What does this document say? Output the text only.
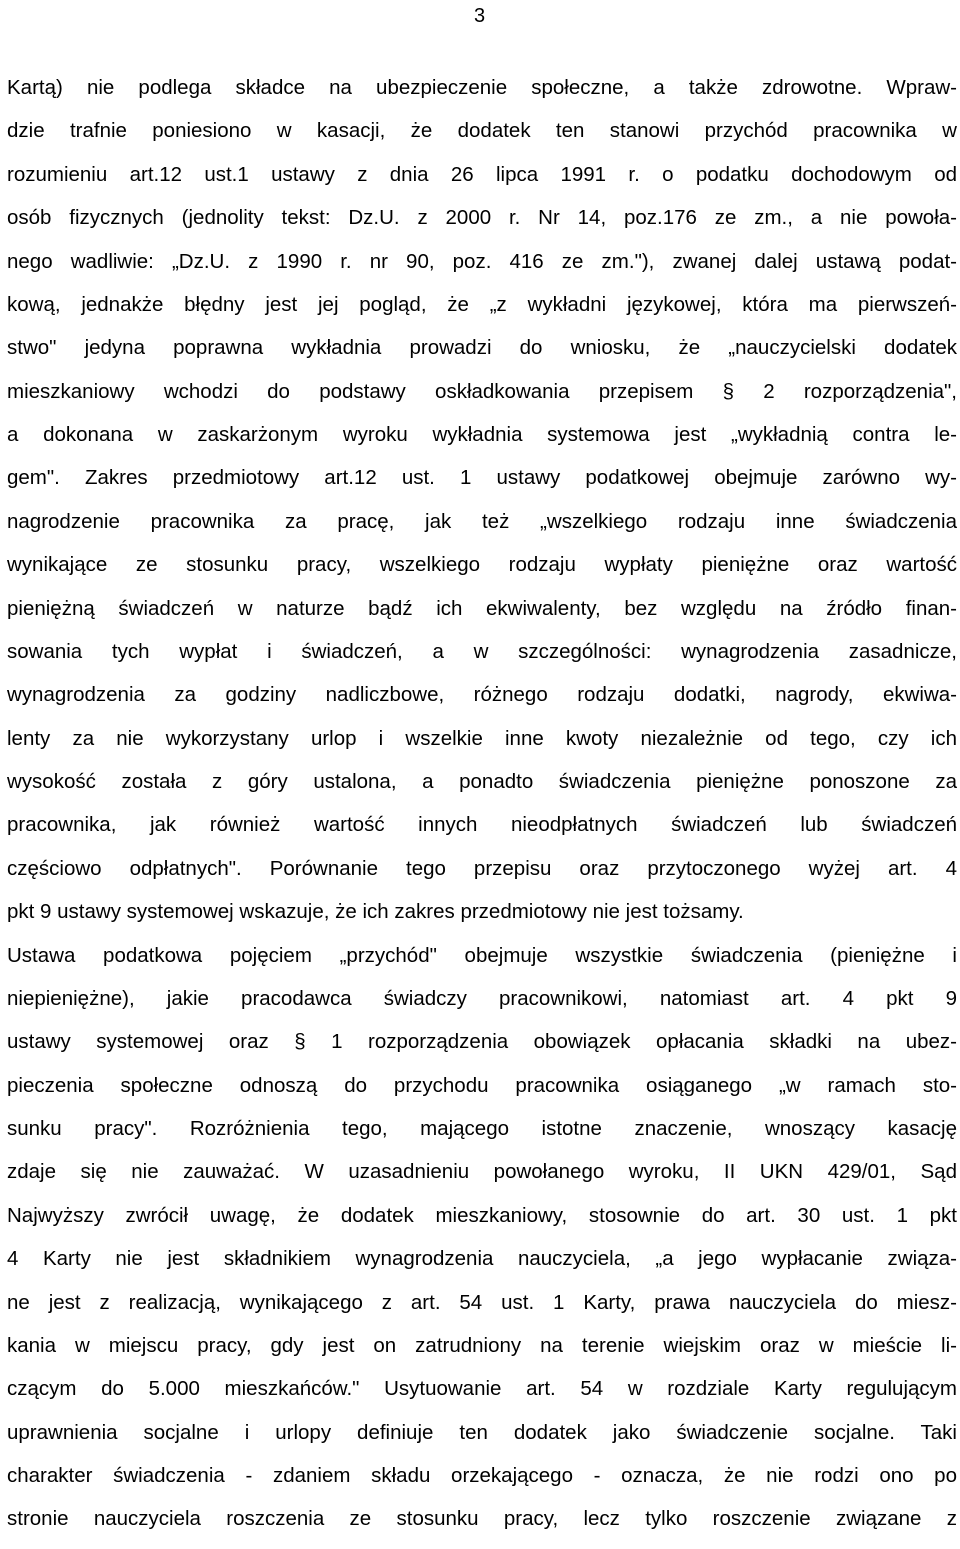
3
Kartą) nie podlega składce na ubezpieczenie społeczne, a także zdrowotne. Wpraw-
dzie trafnie poniesiono w kasacji, że dodatek ten stanowi przychód pracownika w
rozumieniu art.12 ust.1 ustawy z dnia 26 lipca 1991 r. o podatku dochodowym od
osób fizycznych (jednolity tekst: Dz.U. z 2000 r. Nr 14, poz.176 ze zm., a nie powoła-
nego wadliwie: „Dz.U. z 1990 r. nr 90, poz. 416 ze zm."), zwanej dalej ustawą podat-
kową, jednakże błędny jest jej pogląd, że „z wykładni językowej, która ma pierwszeń-
stwo" jedyna poprawna wykładnia prowadzi do wniosku, że „nauczycielski dodatek
mieszkaniowy wchodzi do podstawy oskładkowania przepisem § 2 rozporządzenia",
a dokonana w zaskarżonym wyroku wykładnia systemowa jest „wykładnią contra le-
gem". Zakres przedmiotowy art.12 ust. 1 ustawy podatkowej obejmuje zarówno wy-
nagrodzenie pracownika za pracę, jak też „wszelkiego rodzaju inne świadczenia
wynikające ze stosunku pracy, wszelkiego rodzaju wypłaty pieniężne oraz wartość
pieniężną świadczeń w naturze bądź ich ekwiwalenty, bez względu na źródło finan-
sowania tych wypłat i świadczeń, a w szczególności: wynagrodzenia zasadnicze,
wynagrodzenia za godziny nadliczbowe, różnego rodzaju dodatki, nagrody, ekwiwa-
lenty za nie wykorzystany urlop i wszelkie inne kwoty niezależnie od tego, czy ich
wysokość została z góry ustalona, a ponadto świadczenia pieniężne ponoszone za
pracownika, jak również wartość innych nieodpłatnych świadczeń lub świadczeń
częściowo odpłatnych". Porównanie tego przepisu oraz przytoczonego wyżej art. 4
pkt 9 ustawy systemowej wskazuje, że ich zakres przedmiotowy nie jest tożsamy.
Ustawa podatkowa pojęciem „przychód" obejmuje wszystkie świadczenia (pieniężne i
niepieniężne), jakie pracodawca świadczy pracownikowi, natomiast art. 4 pkt 9
ustawy systemowej oraz § 1 rozporządzenia obowiązek opłacania składki na ubez-
pieczenia społeczne odnoszą do przychodu pracownika osiąganego „w ramach sto-
sunku pracy". Rozróżnienia tego, mającego istotne znaczenie, wnoszący kasację
zdaje się nie zauważać. W uzasadnieniu powołanego wyroku, II UKN 429/01, Sąd
Najwyższy zwrócił uwagę, że dodatek mieszkaniowy, stosownie do art. 30 ust. 1 pkt
4 Karty nie jest składnikiem wynagrodzenia nauczyciela, „a jego wypłacanie związa-
ne jest z realizacją, wynikającego z art. 54 ust. 1 Karty, prawa nauczyciela do miesz-
kania w miejscu pracy, gdy jest on zatrudniony na terenie wiejskim oraz w mieście li-
czącym do 5.000 mieszkańców." Usytuowanie art. 54 w rozdziale Karty regulującym
uprawnienia socjalne i urlopy definiuje ten dodatek jako świadczenie socjalne. Taki
charakter świadczenia - zdaniem składu orzekającego - oznacza, że nie rodzi ono po
stronie nauczyciela roszczenia ze stosunku pracy, lecz tylko roszczenie związane z
